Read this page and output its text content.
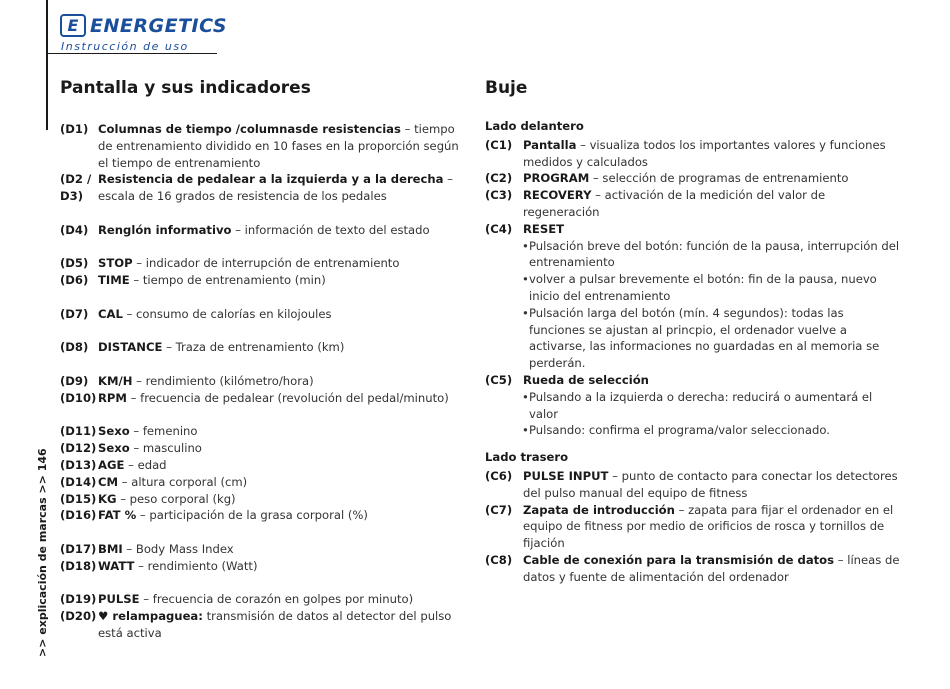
E ENERGETICS
Instrucción de uso
>> explicación de marcas >> 146
Pantalla y sus indicadores
(D1) Columnas de tiempo /columnasde resistencias – tiempo de entrenamiento dividido en 10 fases en la proporción según el tiempo de entrenamiento
(D2 / D3)
Resistencia de pedalear a la izquierda y a la derecha – escala de 16 grados de resistencia de los pedales
(D4) Renglón informativo – información de texto del estado
(D5) STOP – indicador de interrupción de entrenamiento
(D6) TIME – tiempo de entrenamiento (min)
(D7) CAL – consumo de calorías en kilojoules
(D8) DISTANCE – Traza de entrenamiento (km)
(D9) KM/H – rendimiento (kilómetro/hora)
(D10) RPM – frecuencia de pedalear (revolución del pedal/minuto)
(D11) Sexo – femenino
(D12) Sexo – masculino
(D13) AGE – edad
(D14) CM – altura corporal (cm)
(D15) KG – peso corporal (kg)
(D16) FAT % – participación de la grasa corporal (%)
(D17) BMI – Body Mass Index
(D18) WATT – rendimiento (Watt)
(D19) PULSE – frecuencia de corazón en golpes por minuto)
(D20) ♥ relampaguea: transmisión de datos al detector del pulso está activa
Buje
Lado delantero
(C1) Pantalla – visualiza todos los importantes valores y funciones medidos y calculados
(C2) PROGRAM – selección de programas de entrenamiento
(C3) RECOVERY – activación de la medición del valor de regeneración
(C4) RESET
• Pulsación breve del botón: función de la pausa, interrupción del entrenamiento
• volver a pulsar brevemente el botón: fin de la pausa, nuevo inicio del entrenamiento
• Pulsación larga del botón (mín. 4 segundos): todas las funciones se ajustan al princpio, el ordenador vuelve a activarse, las informaciones no guardadas en al memoria se perderán.
(C5) Rueda de selección
• Pulsando a la izquierda o derecha: reducirá o aumentará el valor
• Pulsando: confirma el programa/valor seleccionado.
Lado trasero
(C6) PULSE INPUT – punto de contacto para conectar los detectores del pulso manual del equipo de fitness
(C7) Zapata de introducción – zapata para fijar el ordenador en el equipo de fitness por medio de orificios de rosca y tornillos de fijación
(C8) Cable de conexión para la transmisión de datos – líneas de datos y fuente de alimentación del ordenador
